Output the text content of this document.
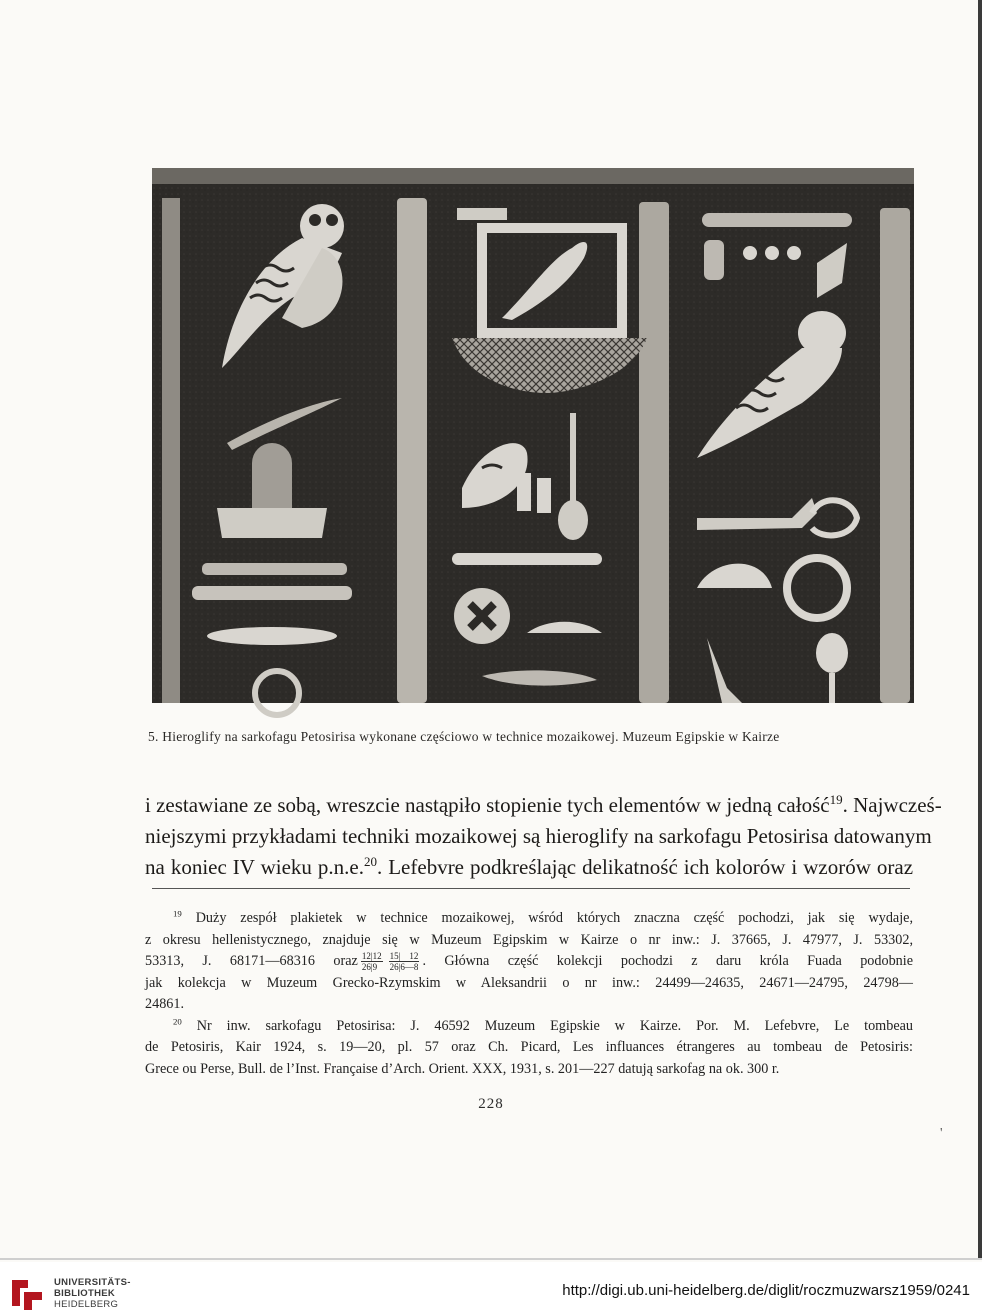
5. Hieroglify na sarkofagu Petosirisa wykonane częściowo w technice mozaikowej. Muzeum Egipskie w Kairze
i zestawiane ze sobą, wreszcie nastąpiło stopienie tych elementów w jedną całość$^{19}$. Najwcześ-
niejszymi przykładami techniki mozaikowej są hieroglify na sarkofagu Petosirisa datowanym
na koniec IV wieku p.n.e.$^{20}$. Lefebvre podkreślając delikatność ich kolorów i wzorów oraz
$^{19}$ Duży zespół plakietek w technice mozaikowej, wśród których znaczna część pochodzi, jak się wydaje,
z okresu hellenistycznego, znajduje się w Muzeum Egipskim w Kairze o nr inw.: J. 37665, J. 47977, J. 53302,
53313, J. 68171—68316 oraz $\frac{12|12}{26|9} \frac{15| 12}{26|6—8}$ . Główna część kolekcji pochodzi z daru króla Fuada podobnie
jak kolekcja w Muzeum Grecko-Rzymskim w Aleksandrii o nr inw.: 24499—24635, 24671—24795, 24798—
24861.
$^{20}$ Nr inw. sarkofagu Petosirisa: J. 46592 Muzeum Egipskie w Kairze. Por. M. Lefebvre, Le tombeau
de Petosiris, Kair 1924, s. 19—20, pl. 57 oraz Ch. Picard, Les influances étrangeres au tombeau de Petosiris:
Grece ou Perse, Bull. de l’Inst. Française d’Arch. Orient. XXX, 1931, s. 201—227 datują sarkofag na ok. 300 r.
228
'
UNIVERSITÄTS-
BIBLIOTHEK
HEIDELBERG
http://digi.ub.uni-heidelberg.de/diglit/roczmuzwarsz1959/0241
